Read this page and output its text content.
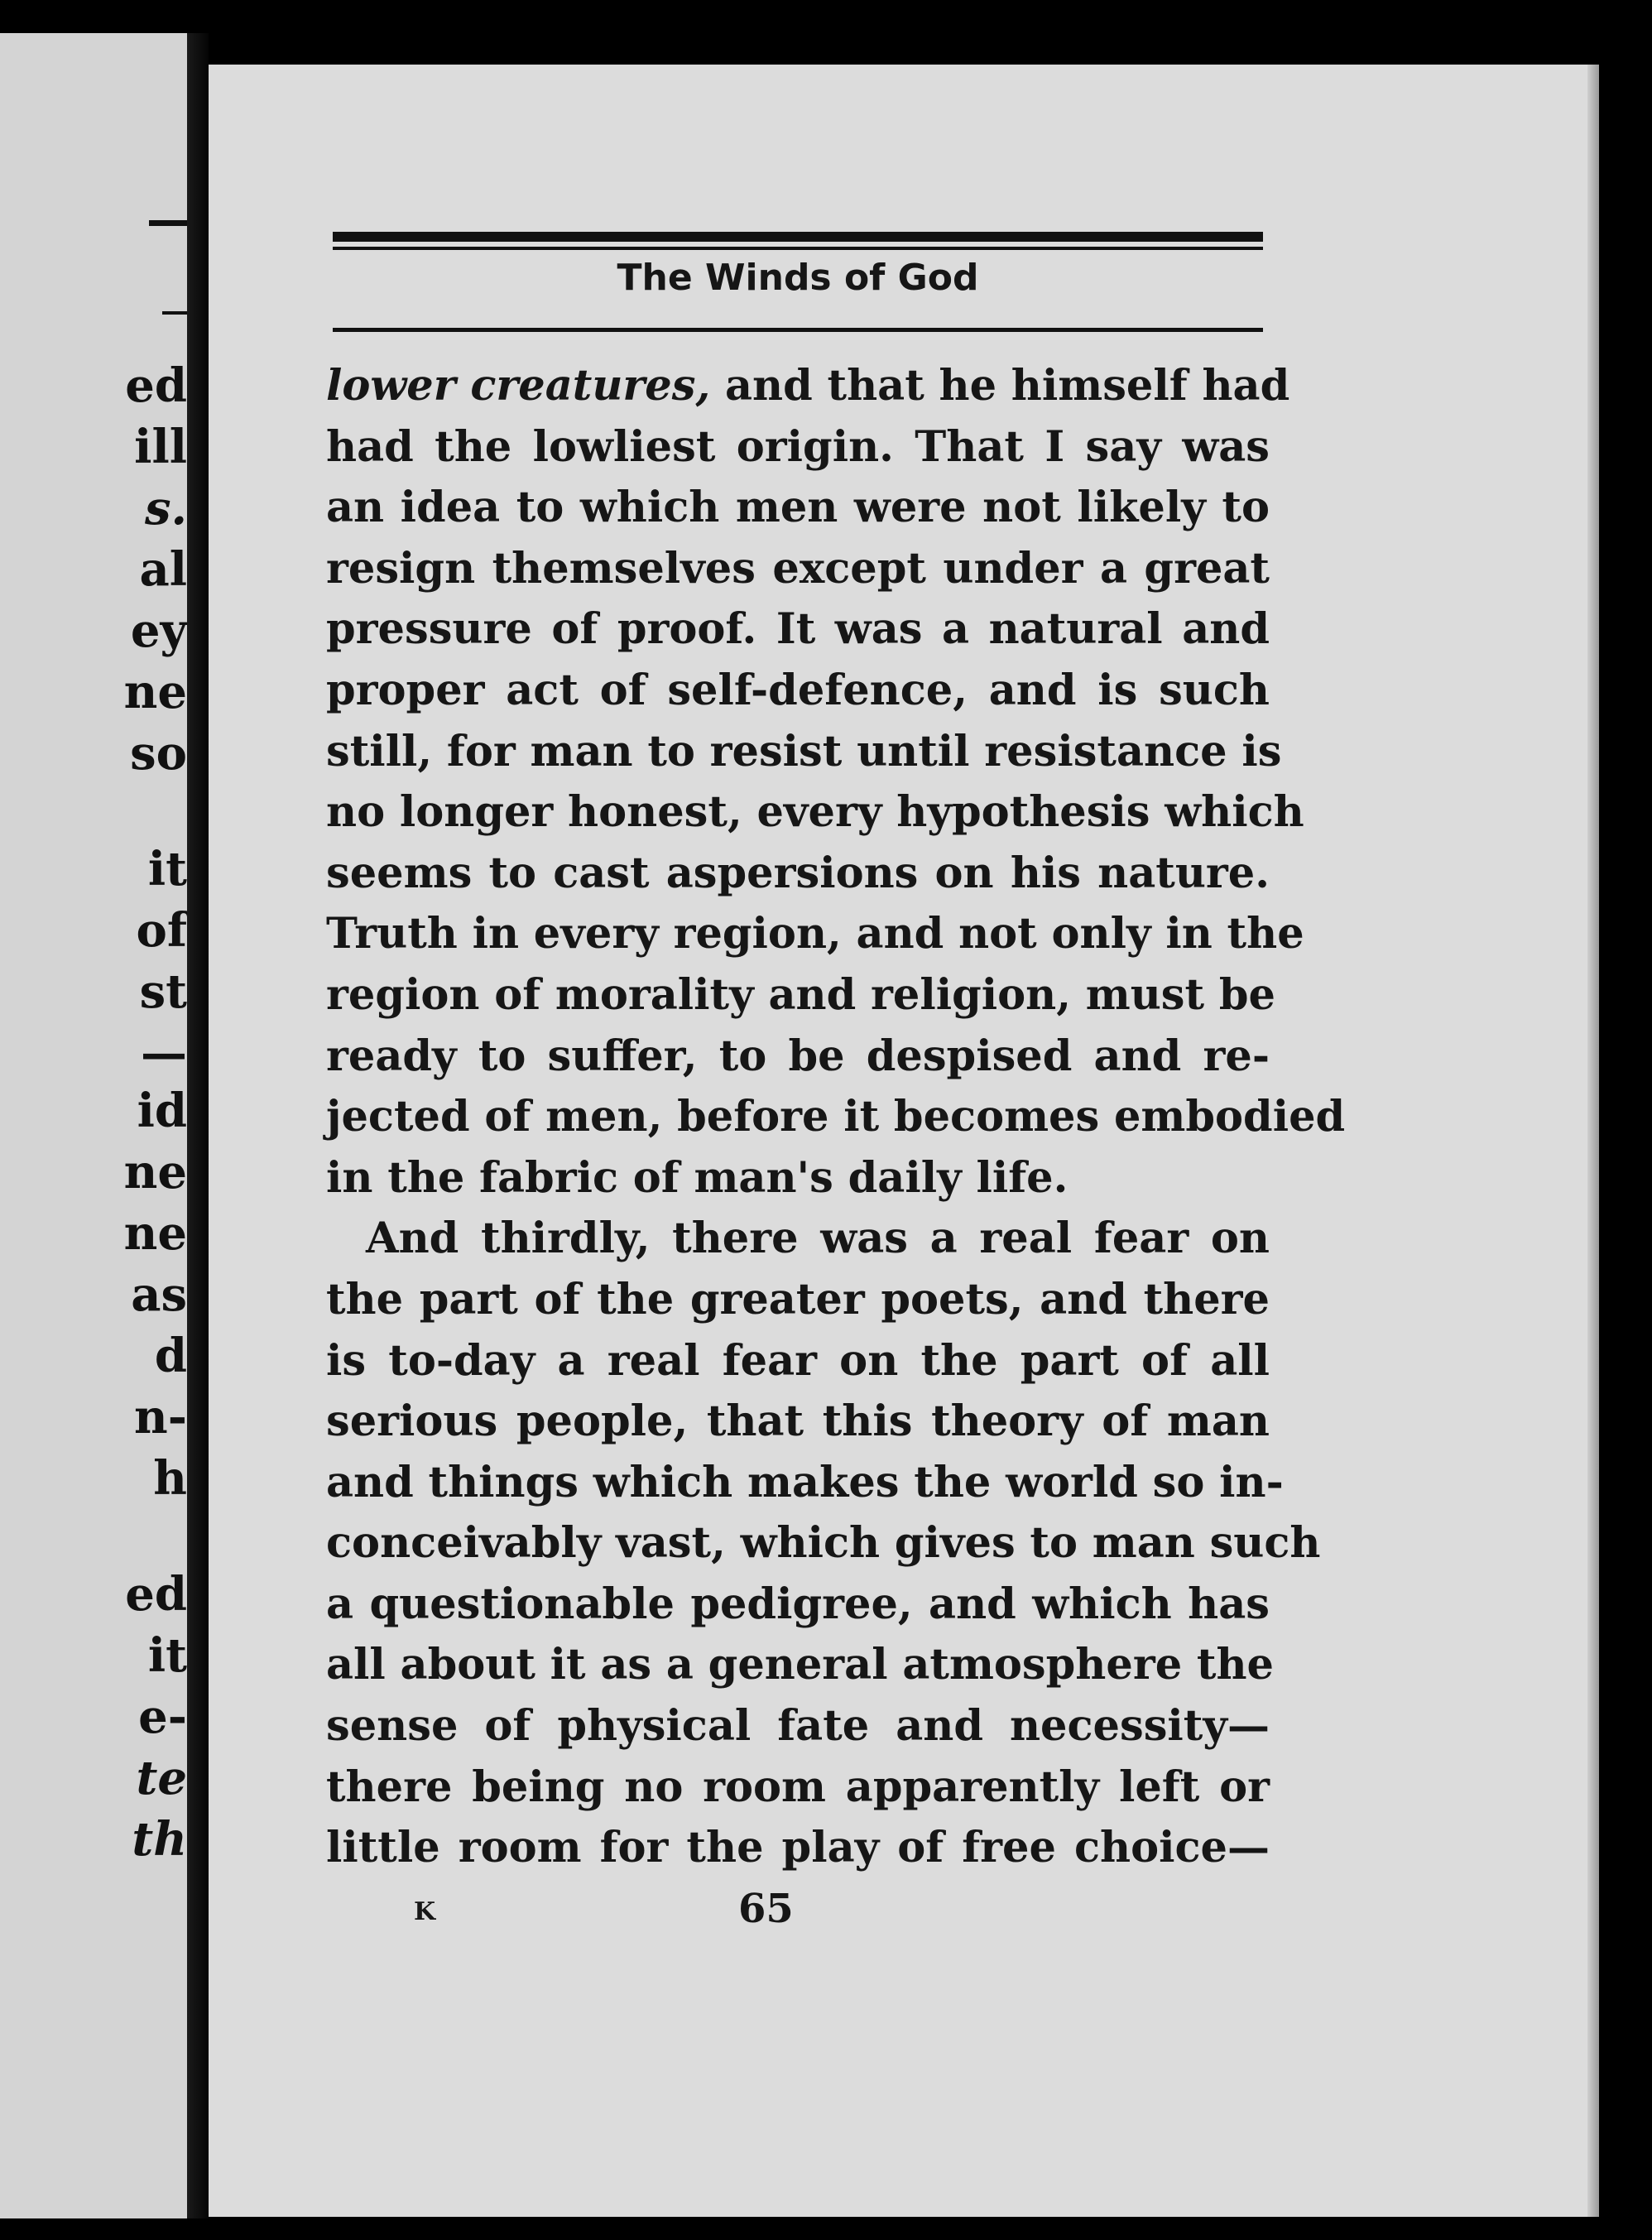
ed
ill
s.
al
ey
ne
so
it
of
st
—
id
ne
ne
as
d
n-
h
ed
it
e-
te
th
The Winds of God
lower creatures, and that he himself had
had the lowliest origin. That I say was
an idea to which men were not likely to
resign themselves except under a great
pressure of proof. It was a natural and
proper act of self-defence, and is such
still, for man to resist until resistance is
no longer honest, every hypothesis which
seems to cast aspersions on his nature.
Truth in every region, and not only in the
region of morality and religion, must be
ready to suffer, to be despised and re-
jected of men, before it becomes embodied
in the fabric of man's daily life.
And thirdly, there was a real fear on
the part of the greater poets, and there
is to-day a real fear on the part of all
serious people, that this theory of man
and things which makes the world so in-
conceivably vast, which gives to man such
a questionable pedigree, and which has
all about it as a general atmosphere the
sense of physical fate and necessity—
there being no room apparently left or
little room for the play of free choice—
K	65
